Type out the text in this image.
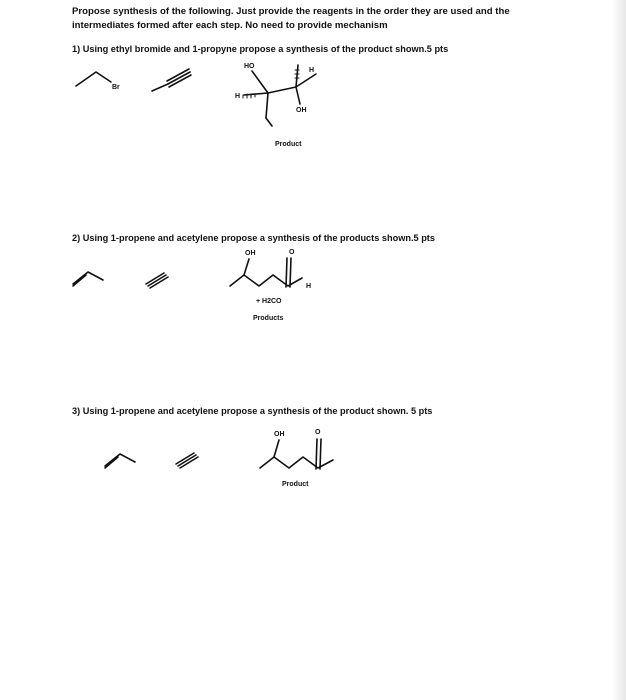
Propose synthesis of the following. Just provide the reagents in the order they are used and the intermediates formed after each step. No need to provide mechanism
1) Using ethyl bromide and 1-propyne propose a synthesis of the product shown.5 pts
Br
HO
H
H
OH
Product
2) Using 1-propene and acetylene propose a synthesis of the products shown.5 pts
OH	O
H
+ H2CO
Products
3) Using 1-propene and acetylene propose a synthesis of the product shown. 5 pts
OH	O
Product
